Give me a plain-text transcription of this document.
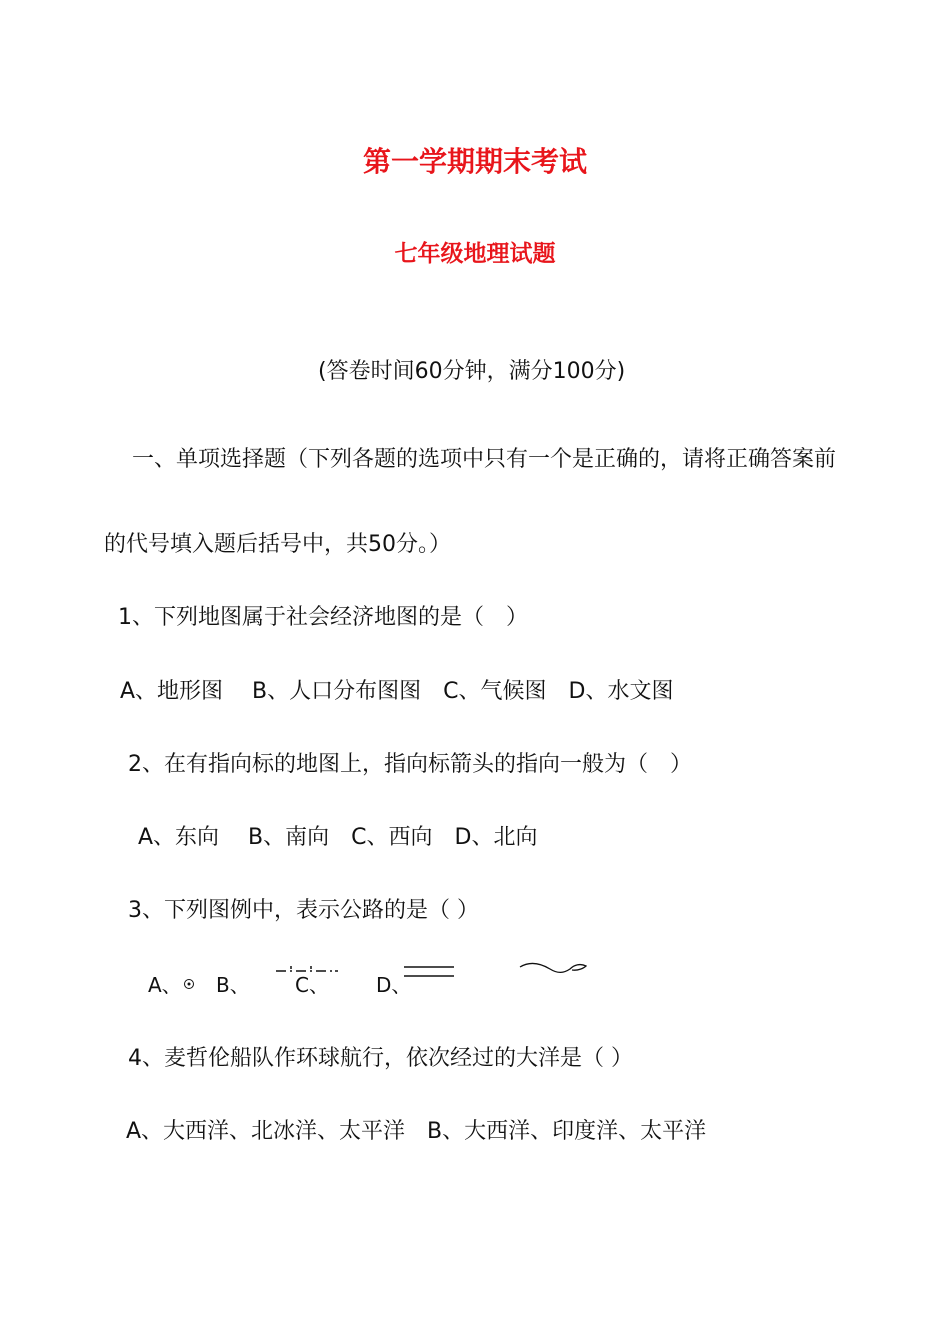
第一学期期末考试
七年级地理试题
(答卷时间60分钟，满分100分)
一、单项选择题（下列各题的选项中只有一个是正确的，请将正确答案前
的代号填入题后括号中，共50分。）
1、下列地图属于社会经济地图的是（　）
A、地形图　 B、人口分布图图　C、气候图　D、水文图
2、在有指向标的地图上，指向标箭头的指向一般为（　）
A、东向　 B、南向　C、西向　D、北向
3、下列图例中，表示公路的是（ ）
A、 B、 C、 D、
4、麦哲伦船队作环球航行，依次经过的大洋是（ ）
A、大西洋、北冰洋、太平洋　B、大西洋、印度洋、太平洋
